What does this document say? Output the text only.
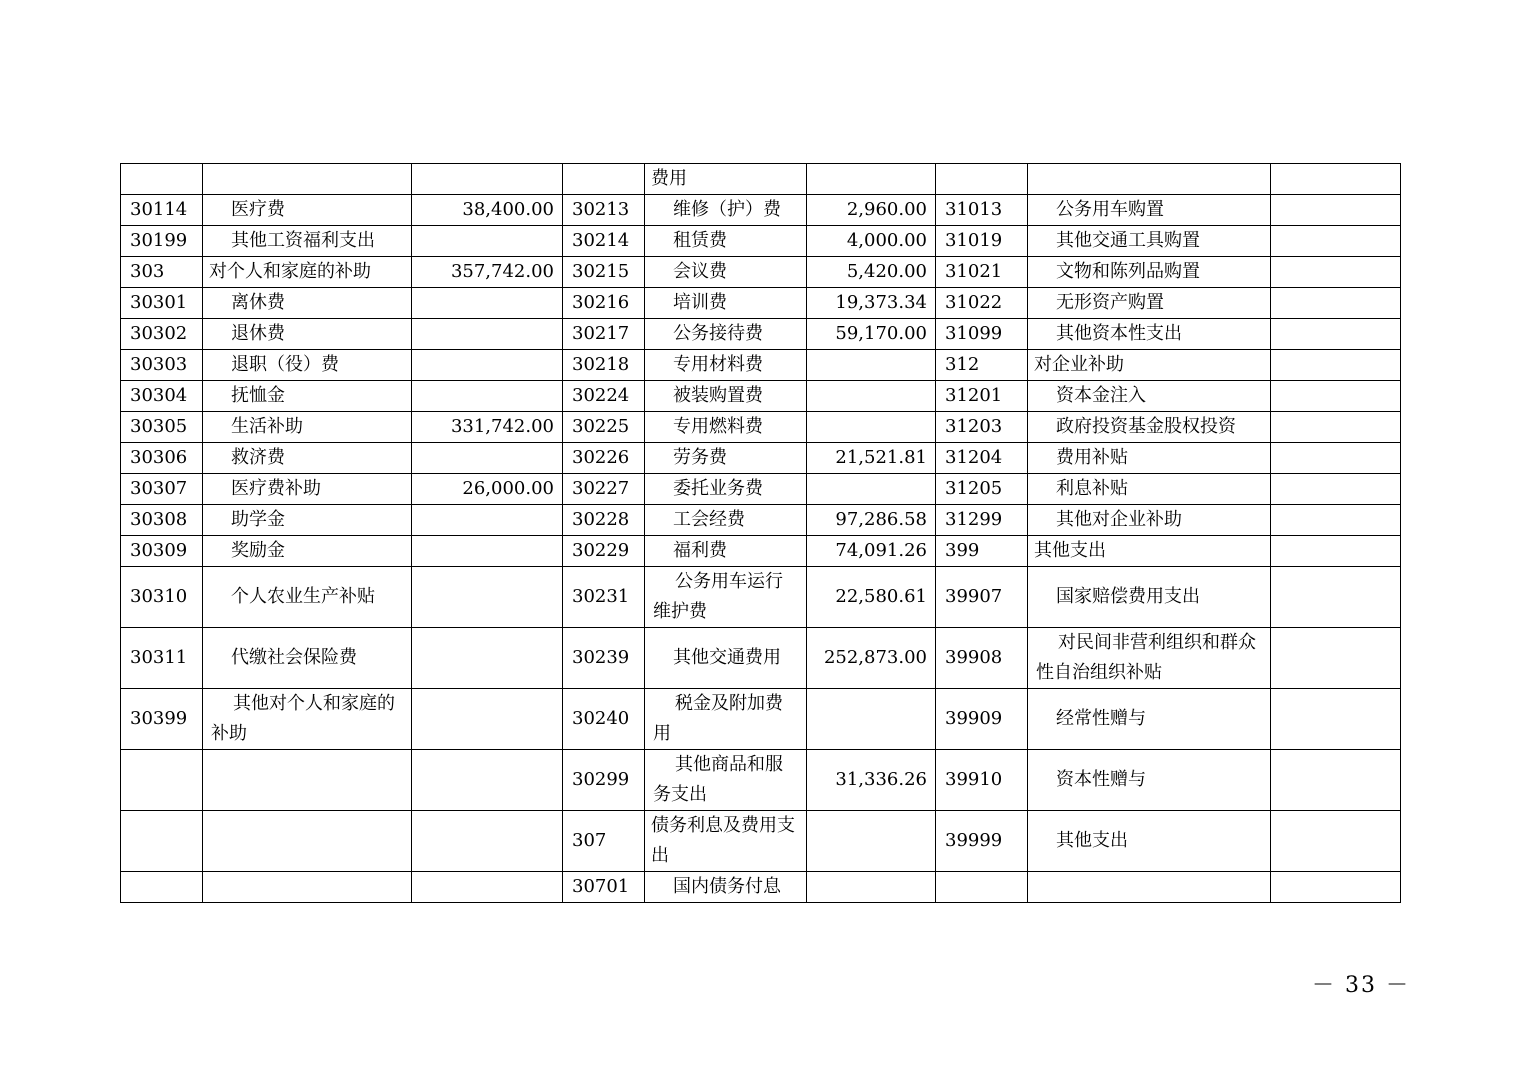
				费用				
30114	医疗费	38,400.00	30213	维修（护）费	2,960.00	31013	公务用车购置	
30199	其他工资福利支出		30214	租赁费	4,000.00	31019	其他交通工具购置	
303	对个人和家庭的补助	357,742.00	30215	会议费	5,420.00	31021	文物和陈列品购置	
30301	离休费		30216	培训费	19,373.34	31022	无形资产购置	
30302	退休费		30217	公务接待费	59,170.00	31099	其他资本性支出	
30303	退职（役）费		30218	专用材料费		312	对企业补助	
30304	抚恤金		30224	被装购置费		31201	资本金注入	
30305	生活补助	331,742.00	30225	专用燃料费		31203	政府投资基金股权投资	
30306	救济费		30226	劳务费	21,521.81	31204	费用补贴	
30307	医疗费补助	26,000.00	30227	委托业务费		31205	利息补贴	
30308	助学金		30228	工会经费	97,286.58	31299	其他对企业补助	
30309	奖励金		30229	福利费	74,091.26	399	其他支出	
30310	个人农业生产补贴		30231	公务用车运行维护费	22,580.61	39907	国家赔偿费用支出	
30311	代缴社会保险费		30239	其他交通费用	252,873.00	39908	对民间非营利组织和群众性自治组织补贴	
30399	其他对个人和家庭的补助		30240	税金及附加费用		39909	经常性赠与	
			30299	其他商品和服务支出	31,336.26	39910	资本性赠与	
			307	债务利息及费用支出		39999	其他支出	
			30701	国内债务付息				
－ 33 －
